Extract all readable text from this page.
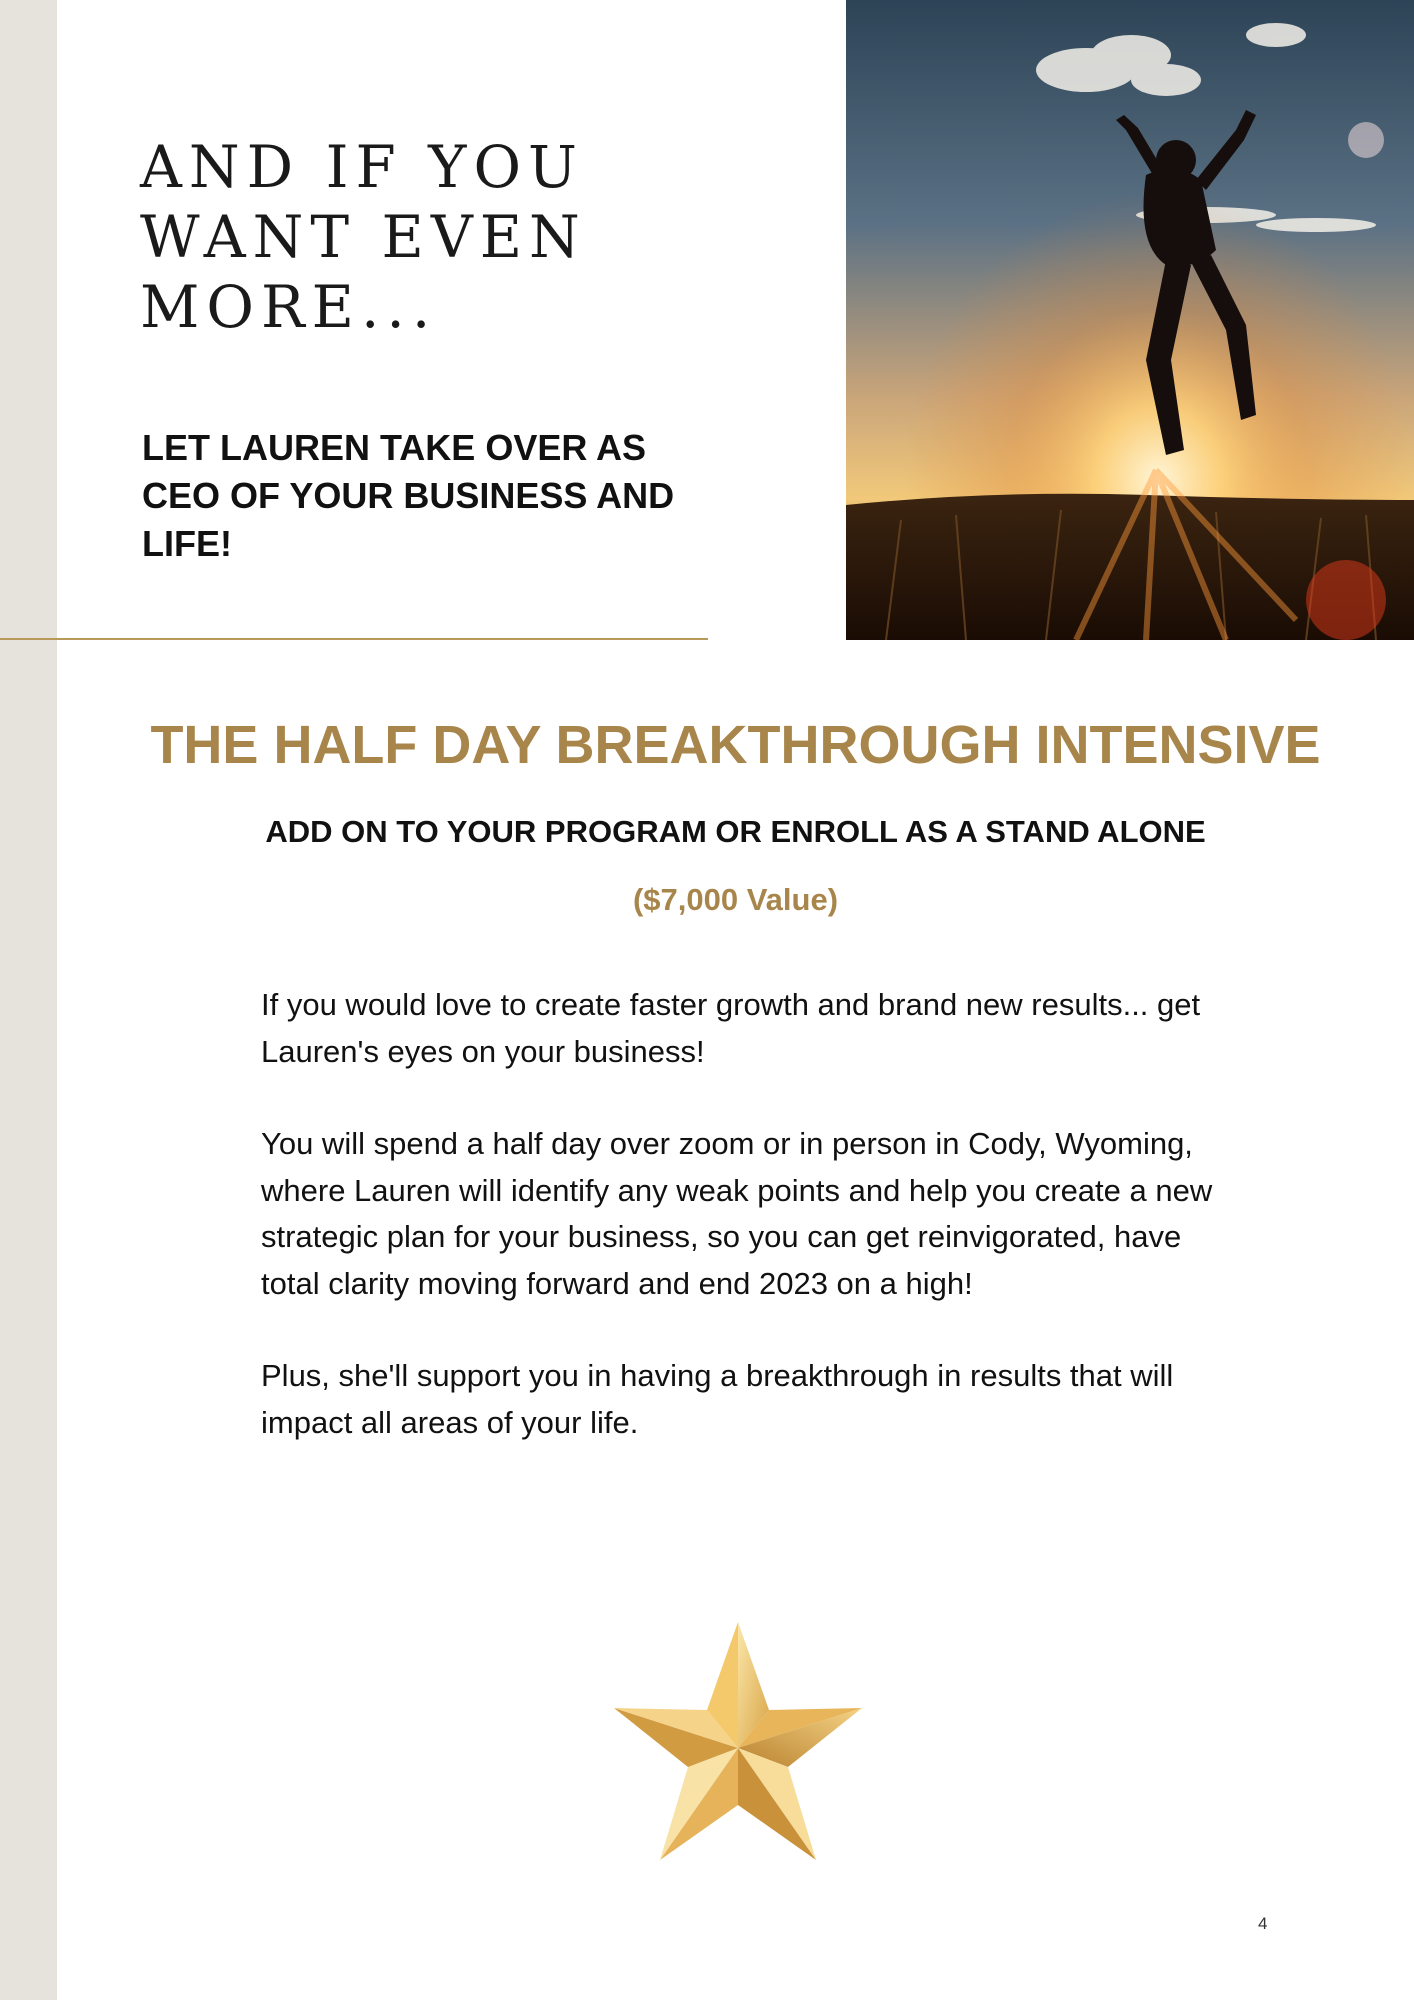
AND IF YOU WANT EVEN MORE...
LET LAUREN TAKE OVER AS CEO OF YOUR BUSINESS AND LIFE!
THE HALF DAY BREAKTHROUGH INTENSIVE

ADD ON TO YOUR PROGRAM OR ENROLL AS A STAND ALONE

($7,000 Value)

If you would love to create faster growth and brand new results... get Lauren's eyes on your business!

You will spend a half day over zoom or in person in Cody, Wyoming, where Lauren will identify any weak points and help you create a new strategic plan for your business, so you can get reinvigorated, have total clarity moving forward and end 2023 on a high!

Plus, she'll support you in having a breakthrough in results that will impact all areas of your life.

4
